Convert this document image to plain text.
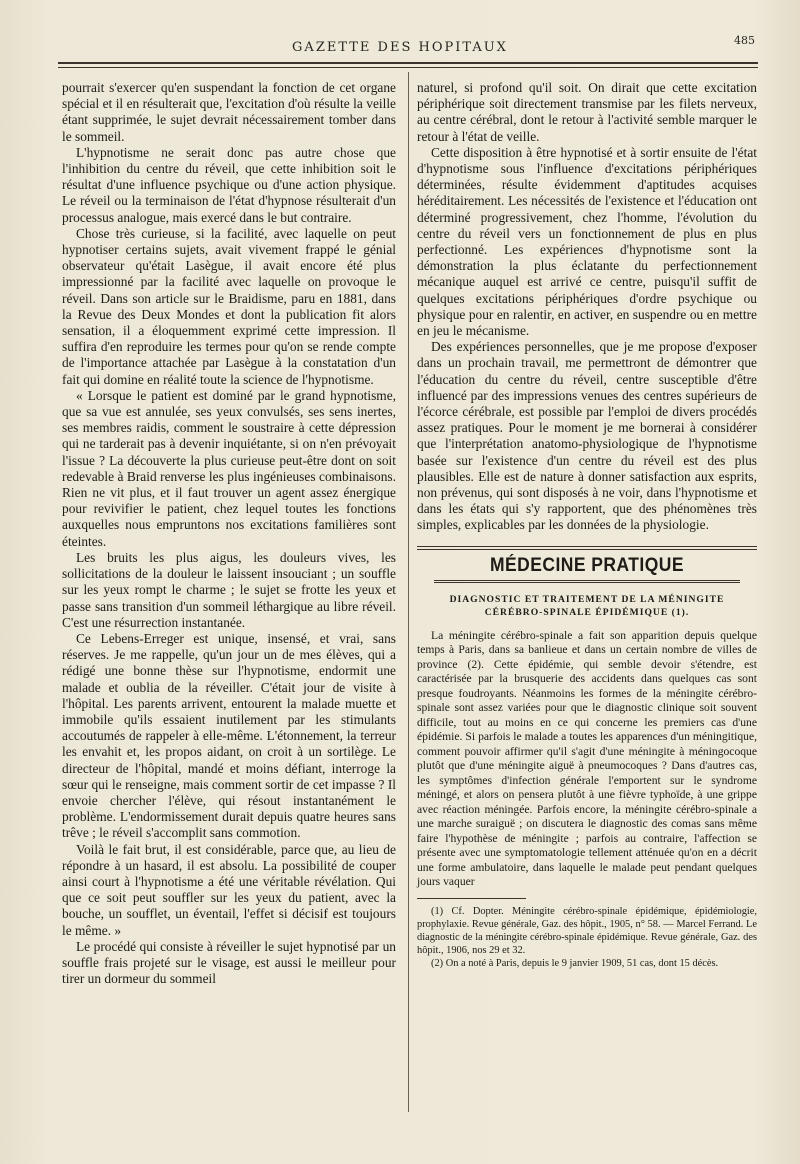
GAZETTE DES HOPITAUX	485

pourrait s'exercer qu'en suspendant la fonction de cet organe spécial et il en résulterait que, l'excitation d'où résulte la veille étant supprimée, le sujet devrait nécessairement tomber dans le sommeil.

L'hypnotisme ne serait donc pas autre chose que l'inhibition du centre du réveil, que cette inhibition soit le résultat d'une influence psychique ou d'une action physique. Le réveil ou la terminaison de l'état d'hypnose résulterait d'un processus analogue, mais exercé dans le but contraire.

Chose très curieuse, si la facilité, avec laquelle on peut hypnotiser certains sujets, avait vivement frappé le génial observateur qu'était Lasègue, il avait encore été plus impressionné par la facilité avec laquelle on provoque le réveil. Dans son article sur le Braidisme, paru en 1881, dans la Revue des Deux Mondes et dont la publication fit alors sensation, il a éloquemment exprimé cette impression. Il suffira d'en reproduire les termes pour qu'on se rende compte de l'importance attachée par Lasègue à la constatation d'un fait qui domine en réalité toute la science de l'hypnotisme.

« Lorsque le patient est dominé par le grand hypnotisme, que sa vue est annulée, ses yeux convulsés, ses sens inertes, ses membres raidis, comment le soustraire à cette dépression qui ne tarderait pas à devenir inquiétante, si on n'en prévoyait l'issue ? La découverte la plus curieuse peut-être dont on soit redevable à Braid renverse les plus ingénieuses combinaisons. Rien ne vit plus, et il faut trouver un agent assez énergique pour revivifier le patient, chez lequel toutes les fonctions auxquelles nous empruntons nos excitations familières sont éteintes.

Les bruits les plus aigus, les douleurs vives, les sollicitations de la douleur le laissent insouciant ; un souffle sur les yeux rompt le charme ; le sujet se frotte les yeux et passe sans transition d'un sommeil léthargique au libre réveil. C'est une résurrection instantanée.

Ce Lebens-Erreger est unique, insensé, et vrai, sans réserves. Je me rappelle, qu'un jour un de mes élèves, qui a rédigé une bonne thèse sur l'hypnotisme, endormit une malade et oublia de la réveiller. C'était jour de visite à l'hôpital. Les parents arrivent, entourent la malade muette et immobile qu'ils essaient inutilement par les stimulants accoutumés de rappeler à elle-même. L'étonnement, la terreur les envahit et, les propos aidant, on croit à un sortilège. Le directeur de l'hôpital, mandé et moins défiant, interroge la sœur qui le renseigne, mais comment sortir de cet impasse ? Il envoie chercher l'élève, qui résout instantanément le problème. L'endormissement durait depuis quatre heures sans trêve ; le réveil s'accomplit sans commotion.

Voilà le fait brut, il est considérable, parce que, au lieu de répondre à un hasard, il est absolu. La possibilité de couper ainsi court à l'hypnotisme a été une véritable révélation. Qui que ce soit peut souffler sur les yeux du patient, avec la bouche, un soufflet, un éventail, l'effet si décisif est toujours le même. »

Le procédé qui consiste à réveiller le sujet hypnotisé par un souffle frais projeté sur le visage, est aussi le meilleur pour tirer un dormeur du sommeil

naturel, si profond qu'il soit. On dirait que cette excitation périphérique soit directement transmise par les filets nerveux, au centre cérébral, dont le retour à l'activité semble marquer le retour à l'état de veille.

Cette disposition à être hypnotisé et à sortir ensuite de l'état d'hypnotisme sous l'influence d'excitations périphériques déterminées, résulte évidemment d'aptitudes acquises héréditairement. Les nécessités de l'existence et l'éducation ont déterminé progressivement, chez l'homme, l'évolution du centre du réveil vers un fonctionnement de plus en plus perfectionné. Les expériences d'hypnotisme sont la démonstration la plus éclatante du perfectionnement mécanique auquel est arrivé ce centre, puisqu'il suffit de quelques excitations périphériques d'ordre psychique ou physique pour en ralentir, en activer, en suspendre ou en mettre en jeu le mécanisme.

Des expériences personnelles, que je me propose d'exposer dans un prochain travail, me permettront de démontrer que l'éducation du centre du réveil, centre susceptible d'être influencé par des impressions venues des centres supérieurs de l'écorce cérébrale, est possible par l'emploi de divers procédés assez pratiques. Pour le moment je me bornerai à considérer que l'interprétation anatomo-physiologique de l'hypnotisme basée sur l'existence d'un centre du réveil est des plus plausibles. Elle est de nature à donner satisfaction aux esprits, non prévenus, qui sont disposés à ne voir, dans l'hypnotisme et dans les états qui s'y rapportent, que des phénomènes très simples, explicables par les données de la physiologie.

MÉDECINE PRATIQUE
DIAGNOSTIC ET TRAITEMENT DE LA MÉNINGITE
CÉRÉBRO-SPINALE ÉPIDÉMIQUE (1).

La méningite cérébro-spinale a fait son apparition depuis quelque temps à Paris, dans sa banlieue et dans un certain nombre de villes de province (2). Cette épidémie, qui semble devoir s'étendre, est caractérisée par la brusquerie des accidents dans quelques cas sont presque foudroyants. Néanmoins les formes de la méningite cérébro-spinale sont assez variées pour que le diagnostic clinique soit souvent difficile, tout au moins en ce qui concerne les premiers cas d'une épidémie. Si parfois le malade a toutes les apparences d'un méningitique, comment pouvoir affirmer qu'il s'agit d'une méningite à méningocoque plutôt que d'une méningite aiguë à pneumocoques ? Dans d'autres cas, les symptômes d'infection générale l'emportent sur le syndrome méningé, et alors on pensera plutôt à une fièvre typhoïde, à une grippe avec réaction méningée. Parfois encore, la méningite cérébro-spinale a une marche suraiguë ; on discutera le diagnostic des comas sans même faire l'hypothèse de méningite ; parfois au contraire, l'affection se présente avec une symptomatologie tellement atténuée qu'on en a décrit une forme ambulatoire, dans laquelle le malade peut pendant quelques jours vaquer

(1) Cf. Dopter. Méningite cérébro-spinale épidémique, épidémiologie, prophylaxie. Revue générale, Gaz. des hôpit., 1905, n° 58. — Marcel Ferrand. Le diagnostic de la méningite cérébro-spinale épidémique. Revue générale, Gaz. des hôpit., 1906, nos 29 et 32.

(2) On a noté à Paris, depuis le 9 janvier 1909, 51 cas, dont 15 décès.
